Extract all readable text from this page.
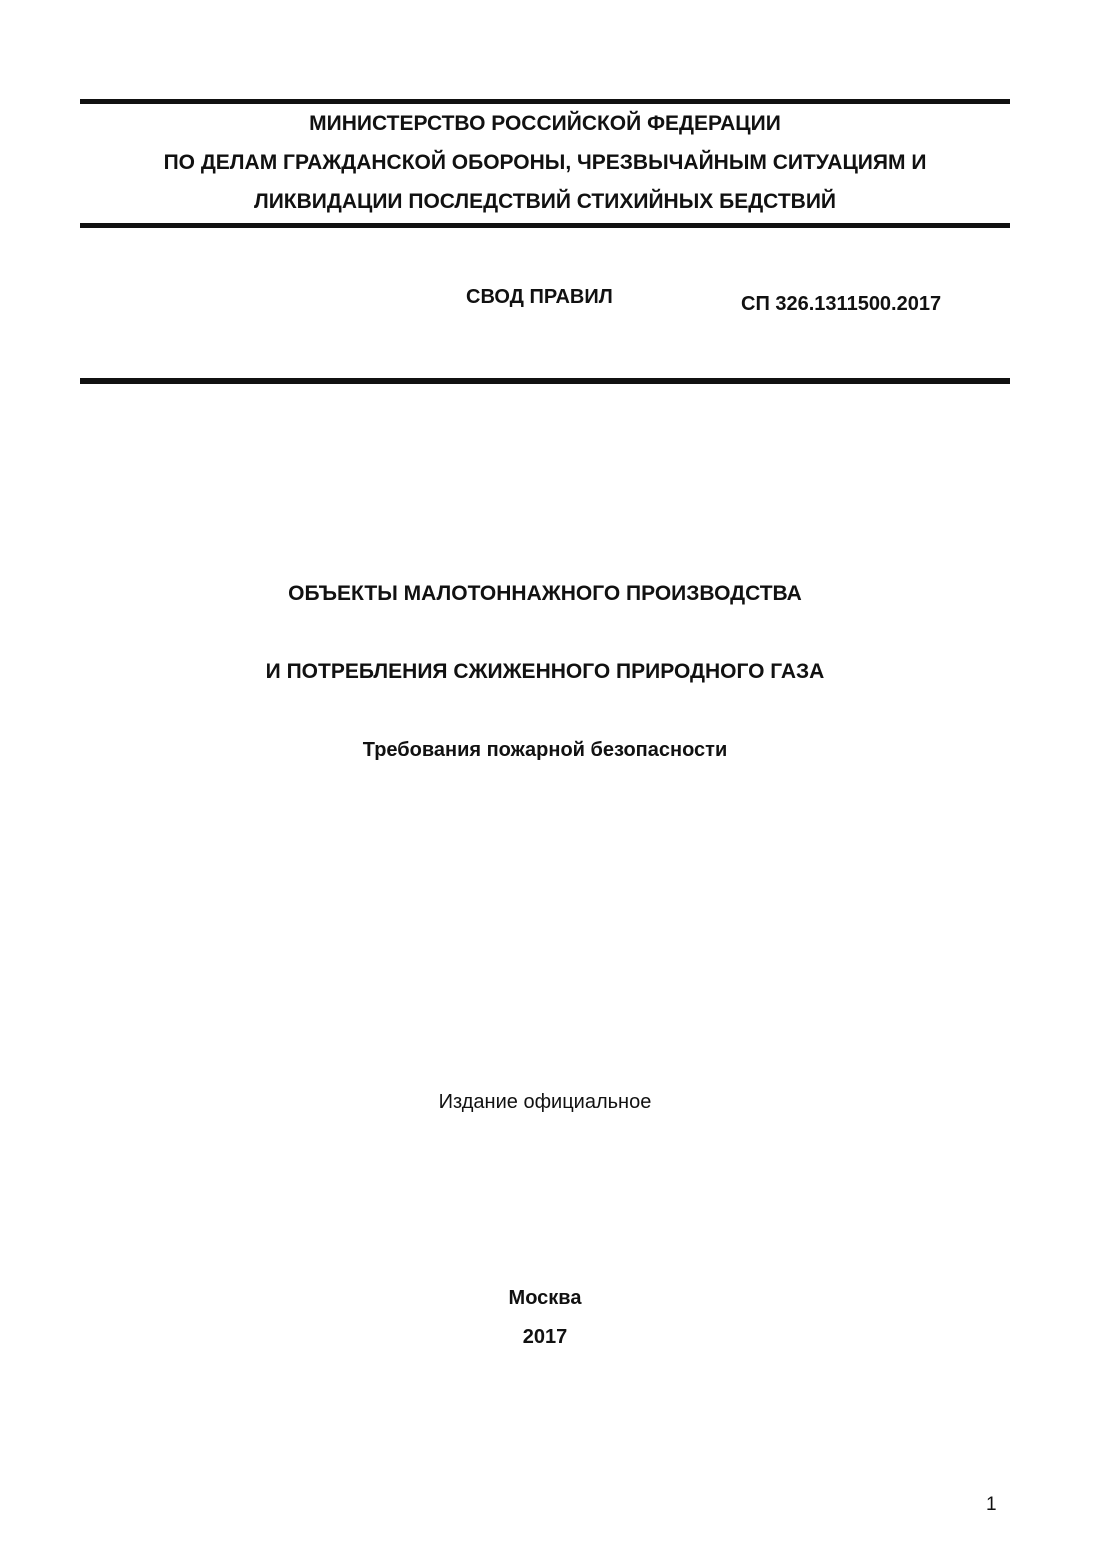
МИНИСТЕРСТВО РОССИЙСКОЙ ФЕДЕРАЦИИ
ПО ДЕЛАМ ГРАЖДАНСКОЙ ОБОРОНЫ, ЧРЕЗВЫЧАЙНЫМ СИТУАЦИЯМ И
ЛИКВИДАЦИИ ПОСЛЕДСТВИЙ СТИХИЙНЫХ БЕДСТВИЙ
СВОД ПРАВИЛ	СП 326.1311500.2017
ОБЪЕКТЫ МАЛОТОННАЖНОГО ПРОИЗВОДСТВА
И ПОТРЕБЛЕНИЯ СЖИЖЕННОГО ПРИРОДНОГО ГАЗА
Требования пожарной безопасности
Издание официальное
Москва
2017
1
